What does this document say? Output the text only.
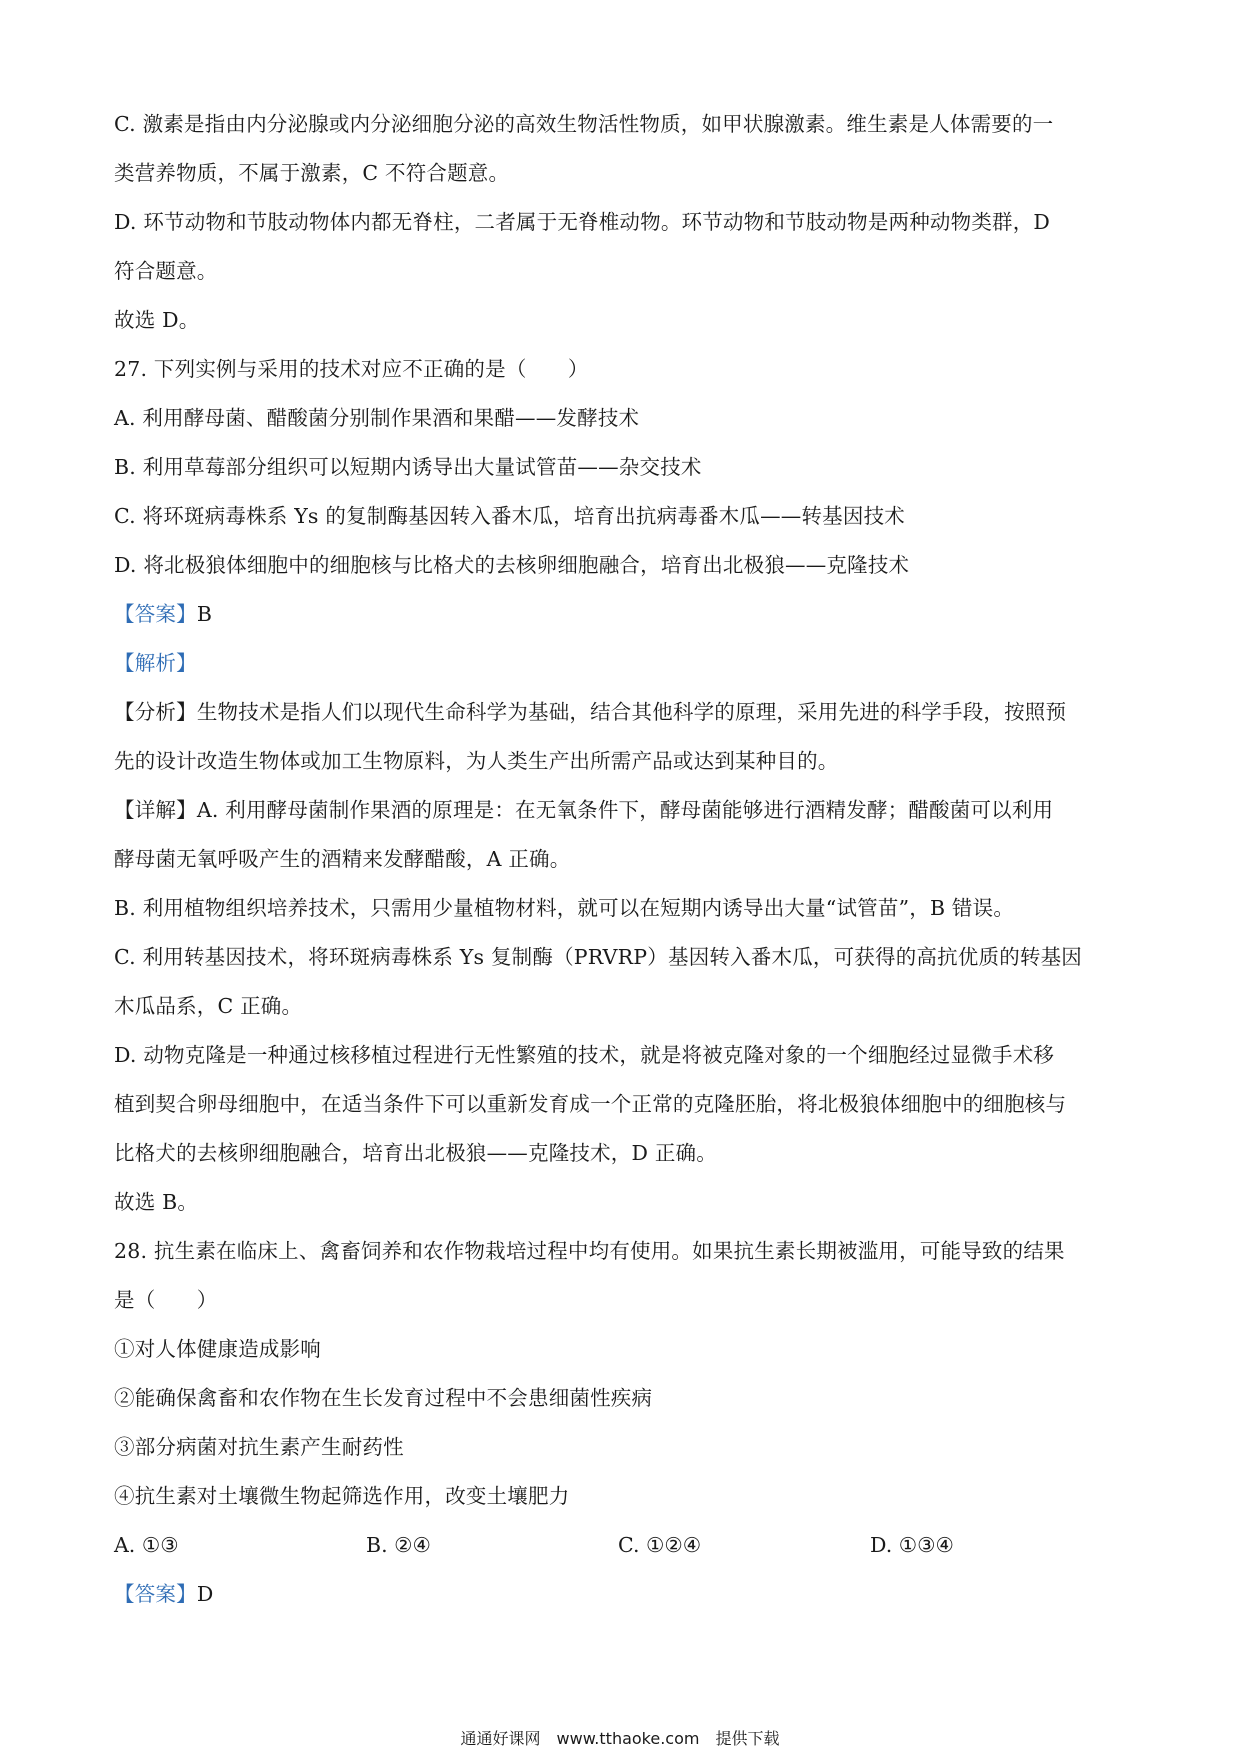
C. 激素是指由内分泌腺或内分泌细胞分泌的高效生物活性物质，如甲状腺激素。维生素是人体需要的一
类营养物质，不属于激素，C 不符合题意。
D. 环节动物和节肢动物体内都无脊柱，二者属于无脊椎动物。环节动物和节肢动物是两种动物类群，D
符合题意。
故选 D。
27. 下列实例与采用的技术对应不正确的是（　　）
A. 利用酵母菌、醋酸菌分别制作果酒和果醋——发酵技术
B. 利用草莓部分组织可以短期内诱导出大量试管苗——杂交技术
C. 将环斑病毒株系 Ys 的复制酶基因转入番木瓜，培育出抗病毒番木瓜——转基因技术
D. 将北极狼体细胞中的细胞核与比格犬的去核卵细胞融合，培育出北极狼——克隆技术
【答案】B
【解析】
【分析】生物技术是指人们以现代生命科学为基础，结合其他科学的原理，采用先进的科学手段，按照预
先的设计改造生物体或加工生物原料，为人类生产出所需产品或达到某种目的。
【详解】A. 利用酵母菌制作果酒的原理是：在无氧条件下，酵母菌能够进行酒精发酵；醋酸菌可以利用
酵母菌无氧呼吸产生的酒精来发酵醋酸，A 正确。
B. 利用植物组织培养技术，只需用少量植物材料，就可以在短期内诱导出大量“试管苗”，B 错误。
C. 利用转基因技术，将环斑病毒株系 Ys 复制酶（PRVRP）基因转入番木瓜，可获得的高抗优质的转基因
木瓜品系，C 正确。
D. 动物克隆是一种通过核移植过程进行无性繁殖的技术，就是将被克隆对象的一个细胞经过显微手术移
植到契合卵母细胞中，在适当条件下可以重新发育成一个正常的克隆胚胎，将北极狼体细胞中的细胞核与
比格犬的去核卵细胞融合，培育出北极狼——克隆技术，D 正确。
故选 B。
28. 抗生素在临床上、禽畜饲养和农作物栽培过程中均有使用。如果抗生素长期被滥用，可能导致的结果
是（　　）
①对人体健康造成影响
②能确保禽畜和农作物在生长发育过程中不会患细菌性疾病
③部分病菌对抗生素产生耐药性
④抗生素对土壤微生物起筛选作用，改变土壤肥力
A. ①③	B. ②④	C. ①②④	D. ①③④
【答案】D
通通好课网　www.tthaoke.com　提供下载
